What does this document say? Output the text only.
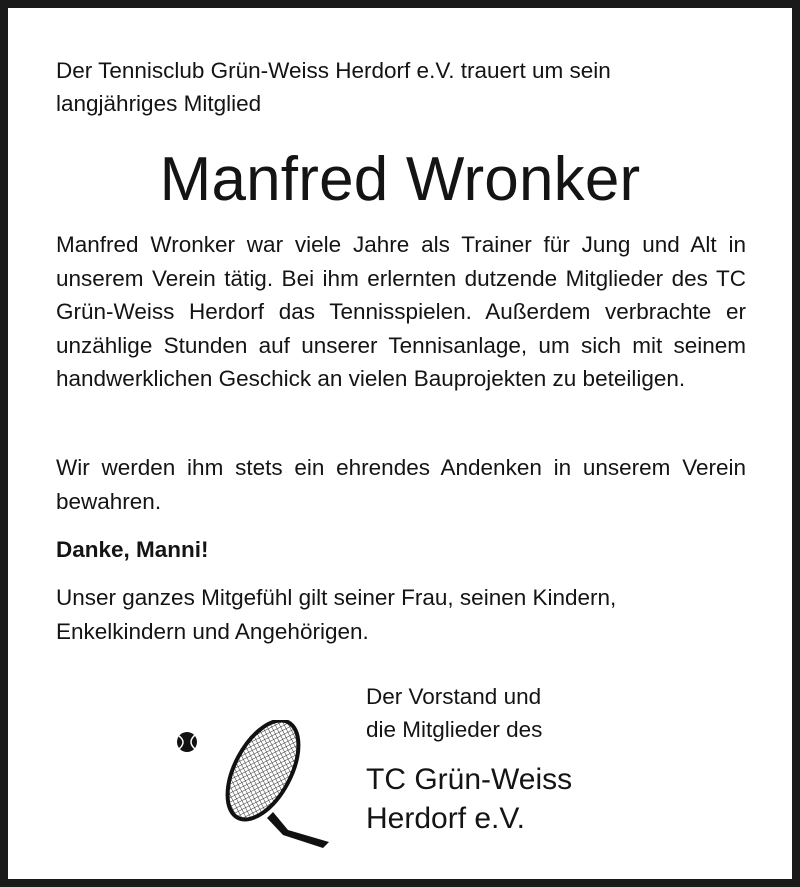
Der Tennisclub Grün-Weiss Herdorf e.V. trauert um sein
langjähriges Mitglied

Manfred Wronker

Manfred Wronker war viele Jahre als Trainer für Jung und Alt in unserem Verein tätig. Bei ihm erlernten dutzende Mitglieder des TC Grün-Weiss Herdorf das Tennisspielen. Außerdem verbrachte er unzählige Stunden auf unserer Tennisanlage, um sich mit seinem handwerklichen Geschick an vielen Bauprojekten zu beteiligen.

Wir werden ihm stets ein ehrendes Andenken in unserem Verein bewahren.

Danke, Manni!

Unser ganzes Mitgefühl gilt seiner Frau, seinen Kindern,
Enkelkindern und Angehörigen.

Der Vorstand und
die Mitglieder des

TC Grün-Weiss
Herdorf e.V.
